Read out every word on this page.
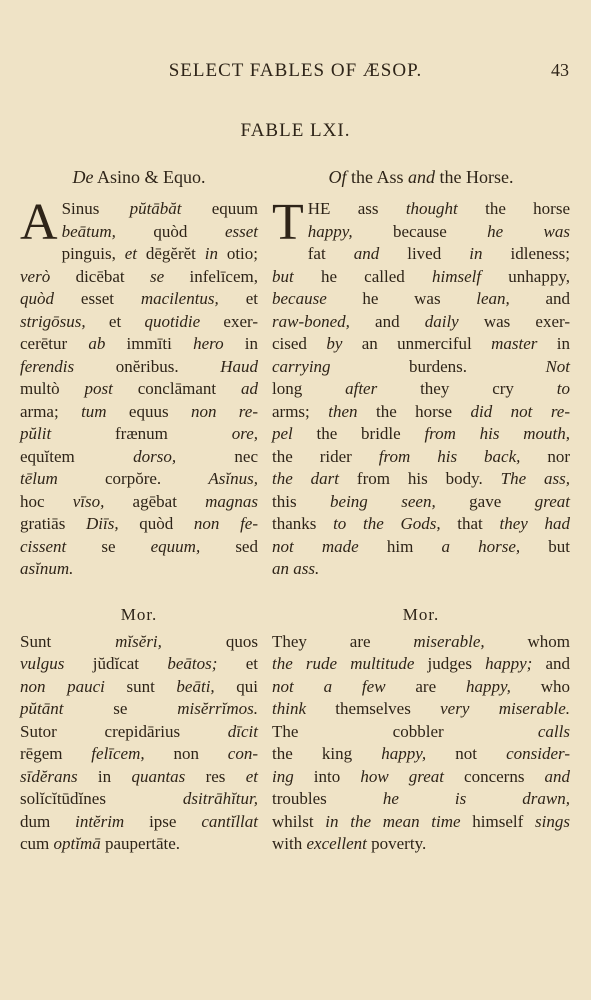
SELECT FABLES OF ÆSOP.	43
FABLE LXI.
De Asino & Equo.
A Sinus pŭtābăt equum

beātum, quòd esset

pinguis, et dēgĕrĕt in otio;

verò dicēbat se infelīcem,

quòd esset macilentus, et

strigōsus, et quotidie exer-

cerētur ab immīti hero in

ferendis onĕribus. Haud

multò post conclāmant ad

arma; tum equus non re-

pŭlit frænum ore,

equĭtem dorso, nec

tēlum corpŏre. Asĭnus,

hoc vīso, agēbat magnas

gratiās Diīs, quòd non fe-

cissent se equum, sed

asĭnum.

Mor.

Sunt mĭsĕri, quos

vulgus jŭdĭcat beātos; et

non pauci sunt beāti, qui

pŭtānt se misĕrrĭmos.

Sutor crepidārius dīcit

rēgem felīcem, non con-

sīdĕrans in quantas res et

solĭcĭtūdĭnes dsitrāhĭtur,

dum intĕrim ipse cantĭllat

cum optĭmā paupertāte.

Of the Ass and the Horse.
T HE ass thought the horse

happy, because he was

fat and lived in idleness;

but he called himself unhappy,

because he was lean, and

raw-boned, and daily was exer-

cised by an unmerciful master in

carrying burdens. Not

long after they cry to

arms; then the horse did not re-

pel the bridle from his mouth,

the rider from his back, nor

the dart from his body. The ass,

this being seen, gave great

thanks to the Gods, that they had

not made him a horse, but

an ass.

Mor.

They are miserable, whom

the rude multitude judges happy; and

not a few are happy, who

think themselves very miserable.

The cobbler calls

the king happy, not consider-

ing into how great concerns and

troubles he is drawn,

whilst in the mean time himself sings

with excellent poverty.
